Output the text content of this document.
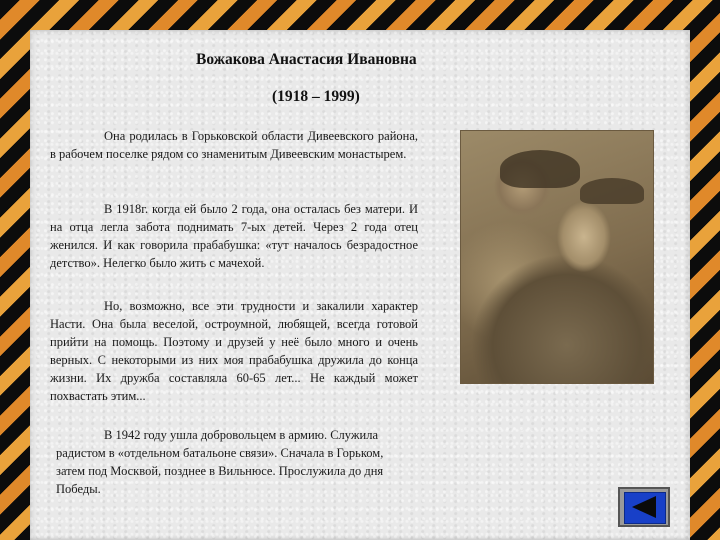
Вожакова Анастасия Ивановна
(1918 – 1999)

Она родилась в Горьковской области Дивеевского района, в рабочем поселке рядом со знаменитым Дивеевским монастырем.

В 1918г. когда ей было 2 года, она осталась без матери. И на отца легла забота поднимать 7-ых детей. Через 2 года отец женился. И как говорила прабабушка: «тут началось безрадостное детство». Нелегко было жить с мачехой.

Но, возможно, все эти трудности и закалили характер Насти. Она была веселой, остроумной, любящей, всегда готовой прийти на помощь. Поэтому и друзей у неё было много и очень верных. С некоторыми из них моя прабабушка дружила до конца жизни. Их дружба составляла 60-65 лет... Не каждый может похвастать этим...

В 1942 году ушла добровольцем в армию. Служила радистом в «отдельном батальоне связи». Сначала в Горьком, затем под Москвой, позднее в Вильнюсе. Прослужила до дня Победы.
